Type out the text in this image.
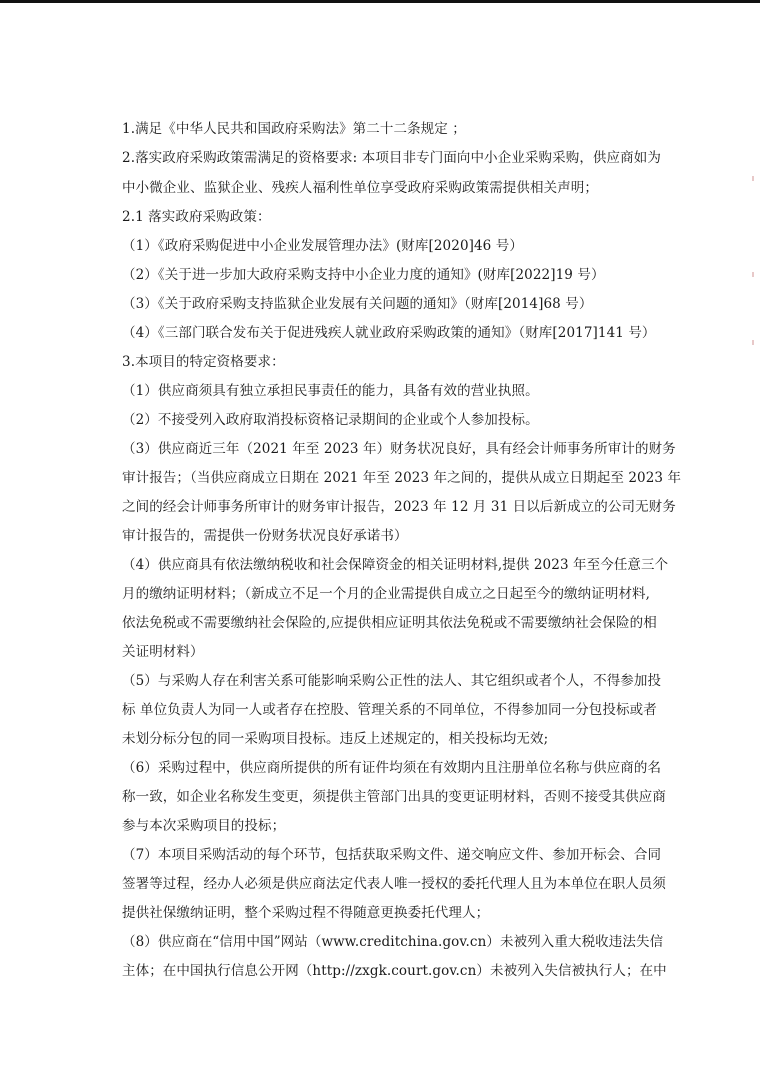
1.满足《中华人民共和国政府采购法》第二十二条规定 ；
2.落实政府采购政策需满足的资格要求: 本项目非专门面向中小企业采购采购，供应商如为
中小微企业、监狱企业、残疾人福利性单位享受政府采购政策需提供相关声明；
2.1 落实政府采购政策：
（1）《政府采购促进中小企业发展管理办法》(财库[2020]46 号）
（2）《关于进一步加大政府采购支持中小企业力度的通知》(财库[2022]19 号）
（3）《关于政府采购支持监狱企业发展有关问题的通知》（财库[2014]68 号）
（4）《三部门联合发布关于促进残疾人就业政府采购政策的通知》（财库[2017]141 号）
3.本项目的特定资格要求：
（1）供应商须具有独立承担民事责任的能力，具备有效的营业执照。
（2）不接受列入政府取消投标资格记录期间的企业或个人参加投标。
（3）供应商近三年（2021 年至 2023 年）财务状况良好，具有经会计师事务所审计的财务
审计报告；（当供应商成立日期在 2021 年至 2023 年之间的，提供从成立日期起至 2023 年
之间的经会计师事务所审计的财务审计报告，2023 年 12 月 31 日以后新成立的公司无财务
审计报告的，需提供一份财务状况良好承诺书）
（4）供应商具有依法缴纳税收和社会保障资金的相关证明材料,提供 2023 年至今任意三个
月的缴纳证明材料；（新成立不足一个月的企业需提供自成立之日起至今的缴纳证明材料,
依法免税或不需要缴纳社会保险的,应提供相应证明其依法免税或不需要缴纳社会保险的相
关证明材料）
（5）与采购人存在利害关系可能影响采购公正性的法人、其它组织或者个人，不得参加投
标 单位负责人为同一人或者存在控股、管理关系的不同单位，不得参加同一分包投标或者
未划分标分包的同一采购项目投标。违反上述规定的，相关投标均无效;
（6）采购过程中，供应商所提供的所有证件均须在有效期内且注册单位名称与供应商的名
称一致，如企业名称发生变更，须提供主管部门出具的变更证明材料，否则不接受其供应商
参与本次采购项目的投标；
（7）本项目采购活动的每个环节，包括获取采购文件、递交响应文件、参加开标会、合同
签署等过程，经办人必须是供应商法定代表人唯一授权的委托代理人且为本单位在职人员须
提供社保缴纳证明，整个采购过程不得随意更换委托代理人；
（8）供应商在“信用中国”网站（www.creditchina.gov.cn）未被列入重大税收违法失信
主体；在中国执行信息公开网（http://zxgk.court.gov.cn）未被列入失信被执行人；在中
